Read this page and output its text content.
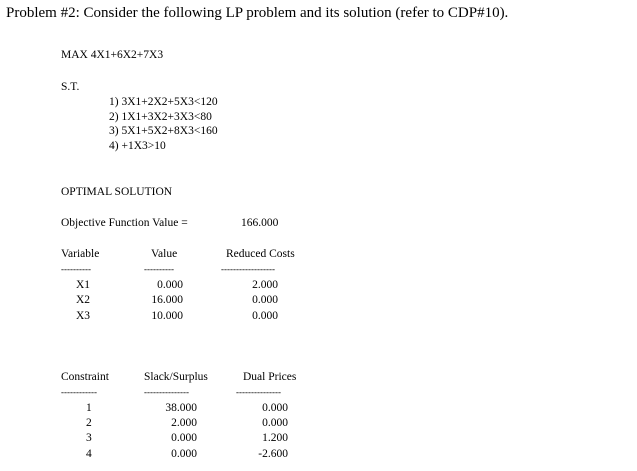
Problem #2: Consider the following LP problem and its solution (refer to CDP#10).
MAX 4X1+6X2+7X3
S.T.
1) 3X1+2X2+5X3<120
2) 1X1+3X2+3X3<80
3) 5X1+5X2+8X3<160
4) +1X3>10
OPTIMAL SOLUTION
Objective Function Value =	166.000
Variable	Value	Reduced Costs
----------	----------	------------------
X1	0.000	2.000
X2	16.000	0.000
X3	10.000	0.000
Constraint	Slack/Surplus	Dual Prices
------------	---------------	---------------
1	38.000	0.000
2	2.000	0.000
3	0.000	1.200
4	0.000	-2.600
